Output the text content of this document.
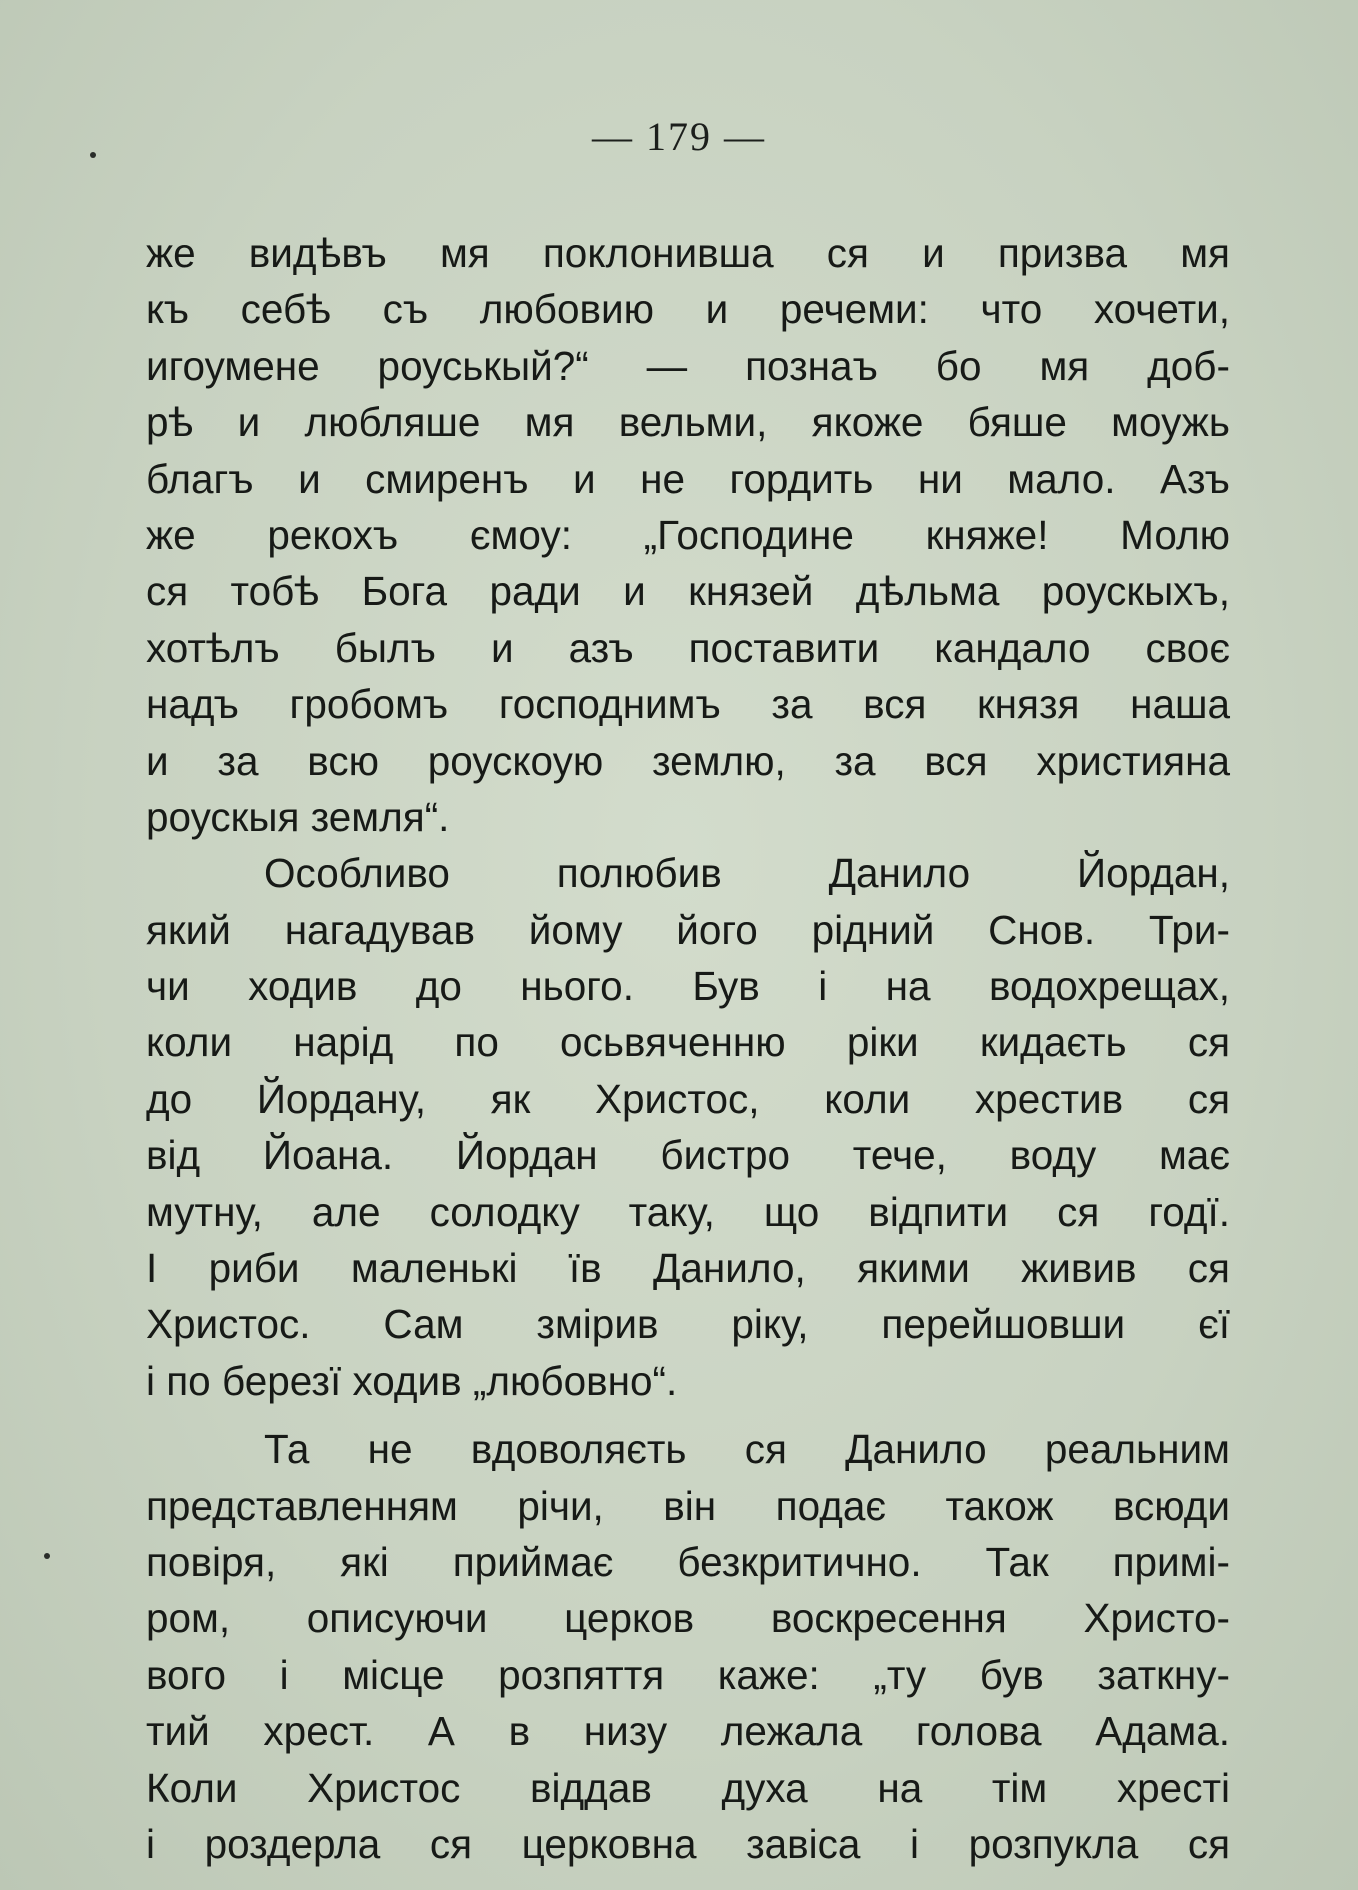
— 179 —
же видѣвъ мя поклонивша ся и призва мя
къ себѣ съ любовию и речеми: что хочети,
игоумене роуськый?“ — познаъ бо мя доб-
рѣ и любляше мя вельми, якоже бяше моужь
благъ и смиренъ и не гордить ни мало. Азъ
же рекохъ ємоу: „Господине княже! Молю
ся тобѣ Бога ради и князей дѣльма роускыхъ,
хотѣлъ былъ и азъ поставити кандало своє
надъ гробомъ господнимъ за вся князя наша
и за всю роускоую землю, за вся християна
роускыя земля“.
Особливо полюбив Данило Йордан,
який нагадував йому його рідний Снов. Три-
чи ходив до нього. Був і на водохрещах,
коли нарід по осьвяченню ріки кидаєть ся
до Йордану, як Христос, коли хрестив ся
від Йоана. Йордан бистро тече, воду має
мутну, але солодку таку, що відпити ся годї.
І риби маленькі їв Данило, якими живив ся
Христос. Сам змірив ріку, перейшовши єї
і по березї ходив „любовно“.
Та не вдоволяєть ся Данило реальним
представленням річи, він подає також всюди
повіря, які приймає безкритично. Так примі-
ром, описуючи церков воскресення Христо-
вого і місце розпяття каже: „ту був заткну-
тий хрест. А в низу лежала голова Адама.
Коли Христос віддав духа на тім хресті
і роздерла ся церковна завіса і розпукла ся
